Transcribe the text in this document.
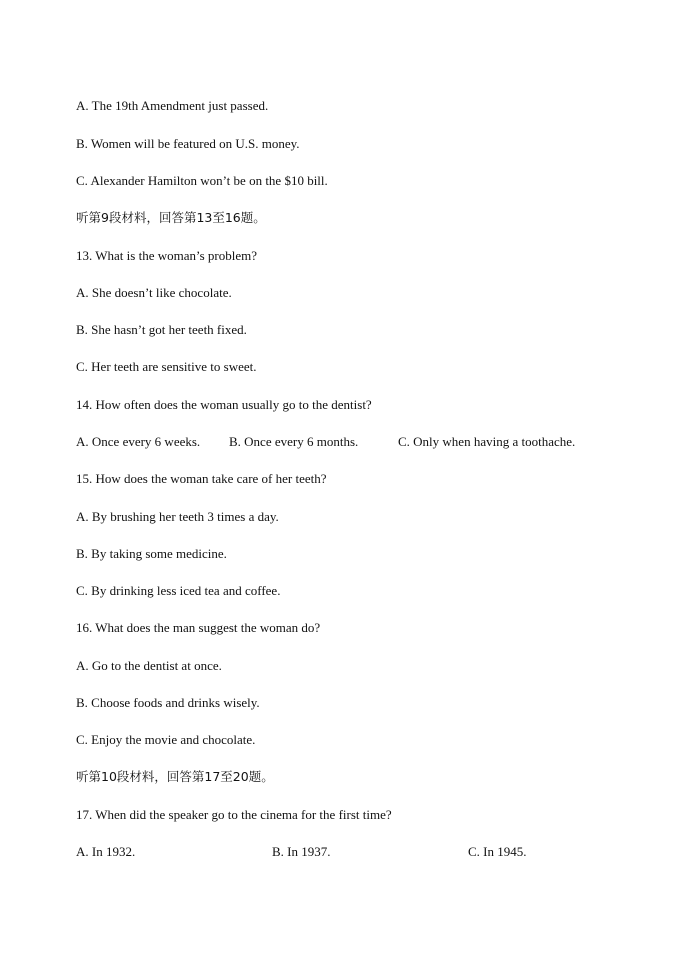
A. The 19th Amendment just passed.
B. Women will be featured on U.S. money.
C. Alexander Hamilton won’t be on the $10 bill.
听第9段材料，回答第13至16题。
13. What is the woman’s problem?
A. She doesn’t like chocolate.
B. She hasn’t got her teeth fixed.
C. Her teeth are sensitive to sweet.
14. How often does the woman usually go to the dentist?
A. Once every 6 weeks. B. Once every 6 months.	C. Only when having a toothache.
15. How does the woman take care of her teeth?
A. By brushing her teeth 3 times a day.
B. By taking some medicine.
C. By drinking less iced tea and coffee.
16. What does the man suggest the woman do?
A. Go to the dentist at once.
B. Choose foods and drinks wisely.
C. Enjoy the movie and chocolate.
听第10段材料，回答第17至20题。
17. When did the speaker go to the cinema for the first time?
A. In 1932.	B. In 1937.	C. In 1945.
